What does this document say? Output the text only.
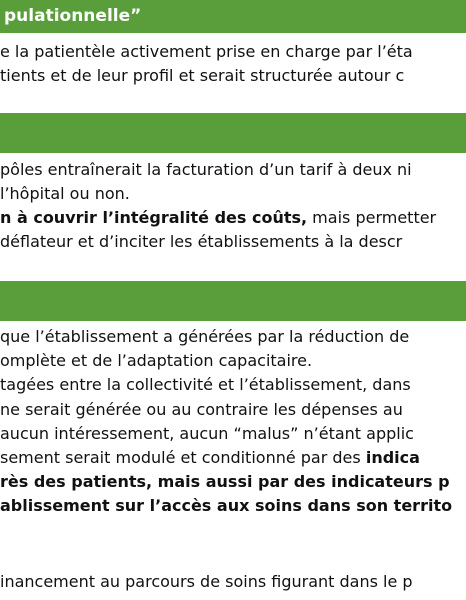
pulationnelle”

e la patientèle activement prise en charge par l’éta

tients et de leur profil et serait structurée autour c

pôles entraînerait la facturation d’un tarif à deux ni

l’hôpital ou non.

n à couvrir l’intégralité des coûts, mais permetter

déflateur et d’inciter les établissements à la descr

que l’établissement a générées par la réduction de

omplète et de l’adaptation capacitaire.

tagées entre la collectivité et l’établissement, dans

ne serait générée ou au contraire les dépenses au

aucun intéressement, aucun “malus” n’étant applic

sement serait modulé et conditionné par des indica

rès des patients, mais aussi par des indicateurs p

ablissement sur l’accès aux soins dans son territo

inancement au parcours de soins figurant dans le p
